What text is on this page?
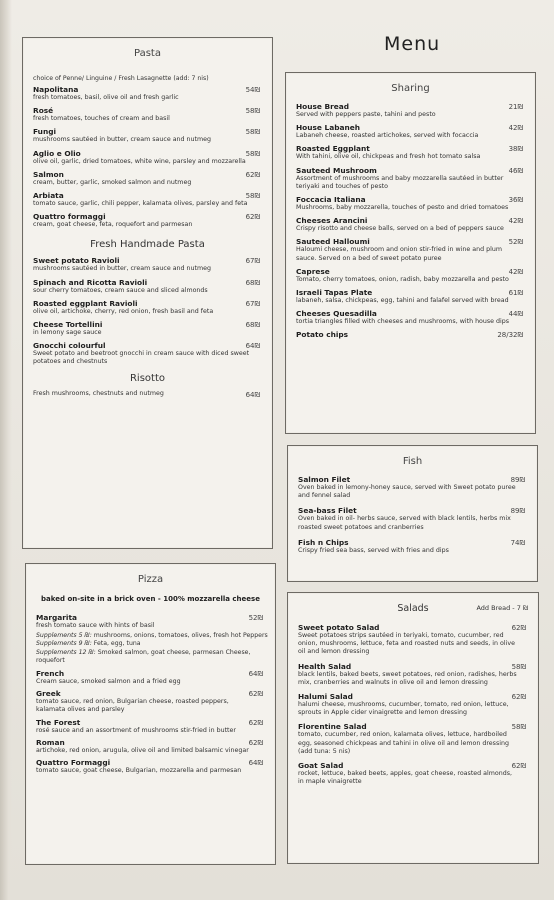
Menu
Pasta
choice of Penne/ Linguine / Fresh Lasagnette (add: 7 nis)
Napolitana
fresh tomatoes, basil, olive oil and fresh garlic
54₪
Rosé
fresh tomatoes, touches of cream and basil
58₪
Fungi
mushrooms sautéed in butter, cream sauce and nutmeg
58₪
Aglio e Olio
olive oil, garlic, dried tomatoes, white wine, parsley and mozzarella
58₪
Salmon
cream, butter, garlic, smoked salmon and nutmeg
62₪
Arbiata
tomato sauce, garlic, chili pepper, kalamata olives, parsley and feta
58₪
Quattro formaggi
cream, goat cheese, feta, roquefort and parmesan
62₪
Fresh Handmade Pasta
Sweet potato Ravioli
mushrooms sautéed in butter, cream sauce and nutmeg
67₪
Spinach and Ricotta Ravioli
sour cherry tomatoes, cream sauce and sliced almonds
68₪
Roasted eggplant Ravioli
olive oil, artichoke, cherry, red onion, fresh basil and feta
67₪
Cheese Tortellini
in lemony sage sauce
68₪
Gnocchi colourful
Sweet potato and beetroot gnocchi in cream sauce with diced sweet potatoes and chestnuts
64₪
Risotto
Fresh mushrooms, chestnuts and nutmeg	64₪
Pizza
baked on-site in a brick oven - 100% mozzarella cheese
Margarita
fresh tomato sauce with hints of basil
52₪
Supplements 5 ₪: mushrooms, onions, tomatoes, olives, fresh hot Peppers
Supplements 9 ₪: Feta, egg, tuna
Supplements 12 ₪: Smoked salmon, goat cheese, parmesan Cheese, roquefort
French
Cream sauce, smoked salmon and a fried egg
64₪
Greek
tomato sauce, red onion, Bulgarian cheese, roasted peppers, kalamata olives and parsley
62₪
The Forest
rosé sauce and an assortment of mushrooms stir-fried in butter
62₪
Roman
artichoke, red onion, arugula, olive oil and limited balsamic vinegar
62₪
Quattro Formaggi
tomato sauce, goat cheese, Bulgarian, mozzarella and parmesan
64₪
Sharing
House Bread
Served with peppers paste, tahini and pesto
21₪
House Labaneh
Labaneh cheese, roasted artichokes, served with focaccia
42₪
Roasted Eggplant
With tahini, olive oil, chickpeas and fresh hot tomato salsa
38₪
Sauteed Mushroom
Assortment of mushrooms and baby mozzarella sautéed in butter teriyaki and touches of pesto
46₪
Foccacia Italiana
Mushrooms, baby mozzarella, touches of pesto and dried tomatoes
36₪
Cheeses Arancini
Crispy risotto and cheese balls, served on a bed of peppers sauce
42₪
Sauteed Halloumi
Haloumi cheese, mushroom and onion stir-fried in wine and plum sauce. Served on a bed of sweet potato puree
52₪
Caprese
Tomato, cherry tomatoes, onion, radish, baby mozzarella and pesto
42₪
Israeli Tapas Plate
labaneh, salsa, chickpeas, egg, tahini and falafel served with bread
61₪
Cheeses Quesadilla
tortia triangles filled with cheeses and mushrooms, with house dips
44₪
Potato chips	28/32₪
Fish
Salmon Filet
Oven baked in lemony-honey sauce, served with Sweet potato puree and fennel salad
89₪
Sea-bass Filet
Oven baked in oil- herbs sauce, served with black lentils, herbs mix roasted sweet potatoes and cranberries
89₪
Fish n Chips
Crispy fried sea bass, served with fries and dips
74₪
Salads	Add Bread - 7 ₪
Sweet potato Salad
Sweet potatoes strips sautéed in teriyaki, tomato, cucumber, red onion, mushrooms, lettuce, feta and roasted nuts and seeds, in olive oil and lemon dressing
62₪
Health Salad
black lentils, baked beets, sweet potatoes, red onion, radishes, herbs mix, cranberries and walnuts in olive oil and lemon dressing
58₪
Halumi Salad
halumi cheese, mushrooms, cucumber, tomato, red onion, lettuce, sprouts in Apple cider vinaigrette and lemon dressing
62₪
Florentine Salad
tomato, cucumber, red onion, kalamata olives, lettuce, hardboiled egg, seasoned chickpeas and tahini in olive oil and lemon dressing (add tuna: 5 nis)
58₪
Goat Salad
rocket, lettuce, baked beets, apples, goat cheese, roasted almonds, in maple vinaigrette
62₪
